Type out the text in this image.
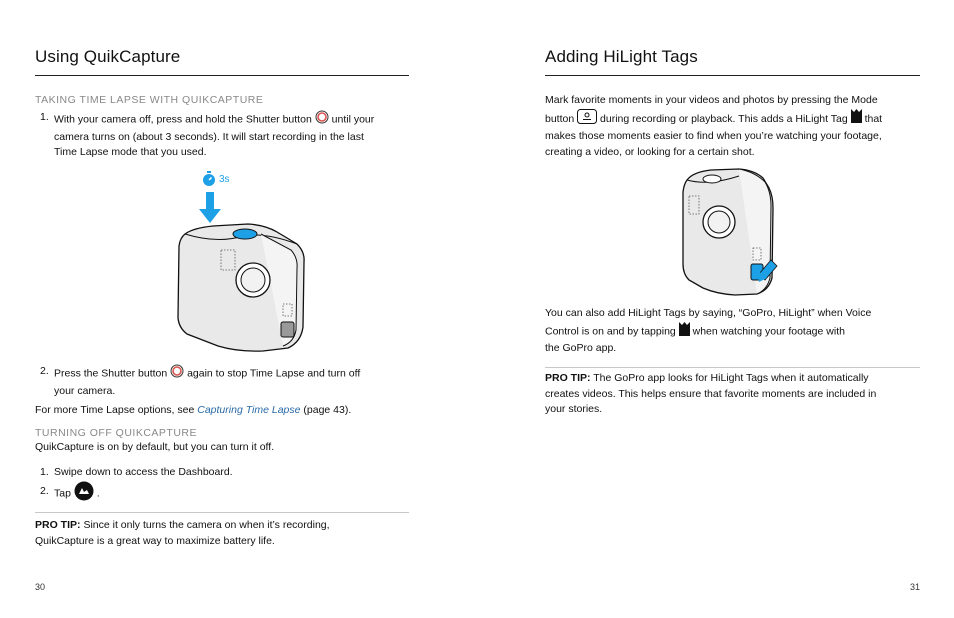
Using QuikCapture
TAKING TIME LAPSE WITH QUIKCAPTURE
1. With your camera off, press and hold the Shutter button until your
camera turns on (about 3 seconds). It will start recording in the last
Time Lapse mode that you used.
3s
2. Press the Shutter button again to stop Time Lapse and turn off
your camera.
For more Time Lapse options, see Capturing Time Lapse (page 43).
TURNING OFF QUIKCAPTURE
QuikCapture is on by default, but you can turn it off.
1. Swipe down to access the Dashboard.
2. Tap .
PRO TIP: Since it only turns the camera on when it’s recording,
QuikCapture is a great way to maximize battery life.
30
Adding HiLight Tags
Mark favorite moments in your videos and photos by pressing the Mode
button during recording or playback. This adds a HiLight Tag that
makes those moments easier to find when you’re watching your footage,
creating a video, or looking for a certain shot.
You can also add HiLight Tags by saying, “GoPro, HiLight” when Voice
Control is on and by tapping when watching your footage with
the GoPro app.
PRO TIP: The GoPro app looks for HiLight Tags when it automatically
creates videos. This helps ensure that favorite moments are included in
your stories.
31
